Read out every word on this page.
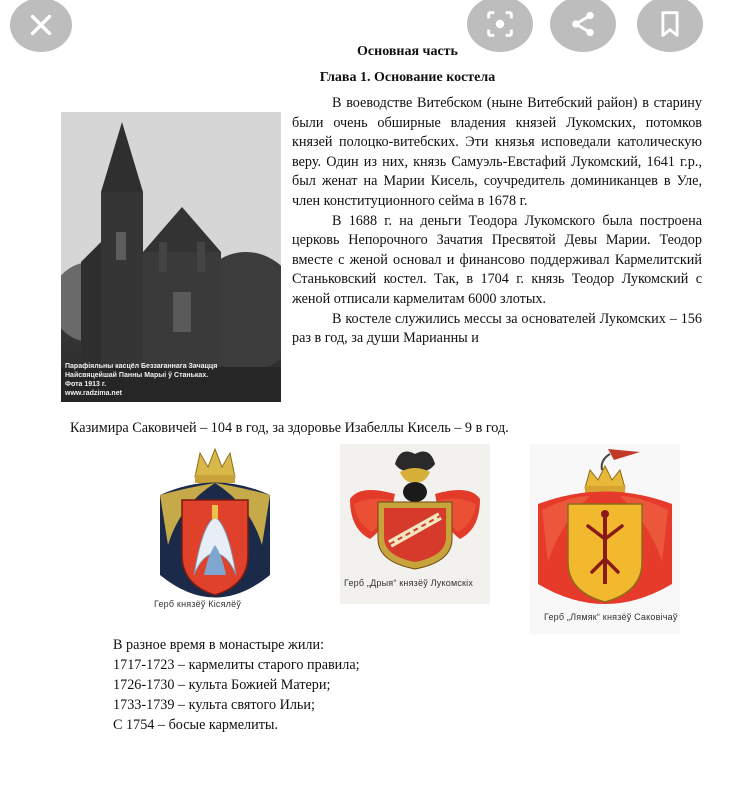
Основная часть
Глава 1. Основание костела
Парафіяльны касцёл Беззаганнага Зачацця
Найсвяцейшай Панны Марыі ў Станьках.
Фота 1913 г.
www.radzima.net

В воеводстве Витебском (ныне Витебский район) в старину были очень обширные владения князей Лукомских, потомков князей полоцко-витебских. Эти князья исповедали католическую веру. Один из них, князь Самуэль-Евстафий Лукомский, 1641 г.р., был женат на Марии Кисель, соучредитель доминиканцев в Уле, член конституционного сейма в 1678 г.

В 1688 г. на деньги Теодора Лукомского была построена церковь Непорочного Зачатия Пресвятой Девы Марии. Теодор вместе с женой основал и финансово поддерживал Кармелитский Станьковский костел. Так, в 1704 г. князь Теодор Лукомский с женой отписали кармелитам 6000 злотых.

В костеле служились мессы за основателей Лукомских – 156 раз в год, за души Марианны и

Казимира Саковичей – 104 в год, за здоровье Изабеллы Кисель – 9 в год.
Герб князёў Кісялёў
Герб „Дрыя“ князёў Лукомскіх
Герб „Лямяк“ князёў Саковічаў
В разное время в монастыре жили:
1717-1723 – кармелиты старого правила;
1726-1730 – культа Божией Матери;
1733-1739 – культа святого Ильи;
С 1754 – босые кармелиты.
